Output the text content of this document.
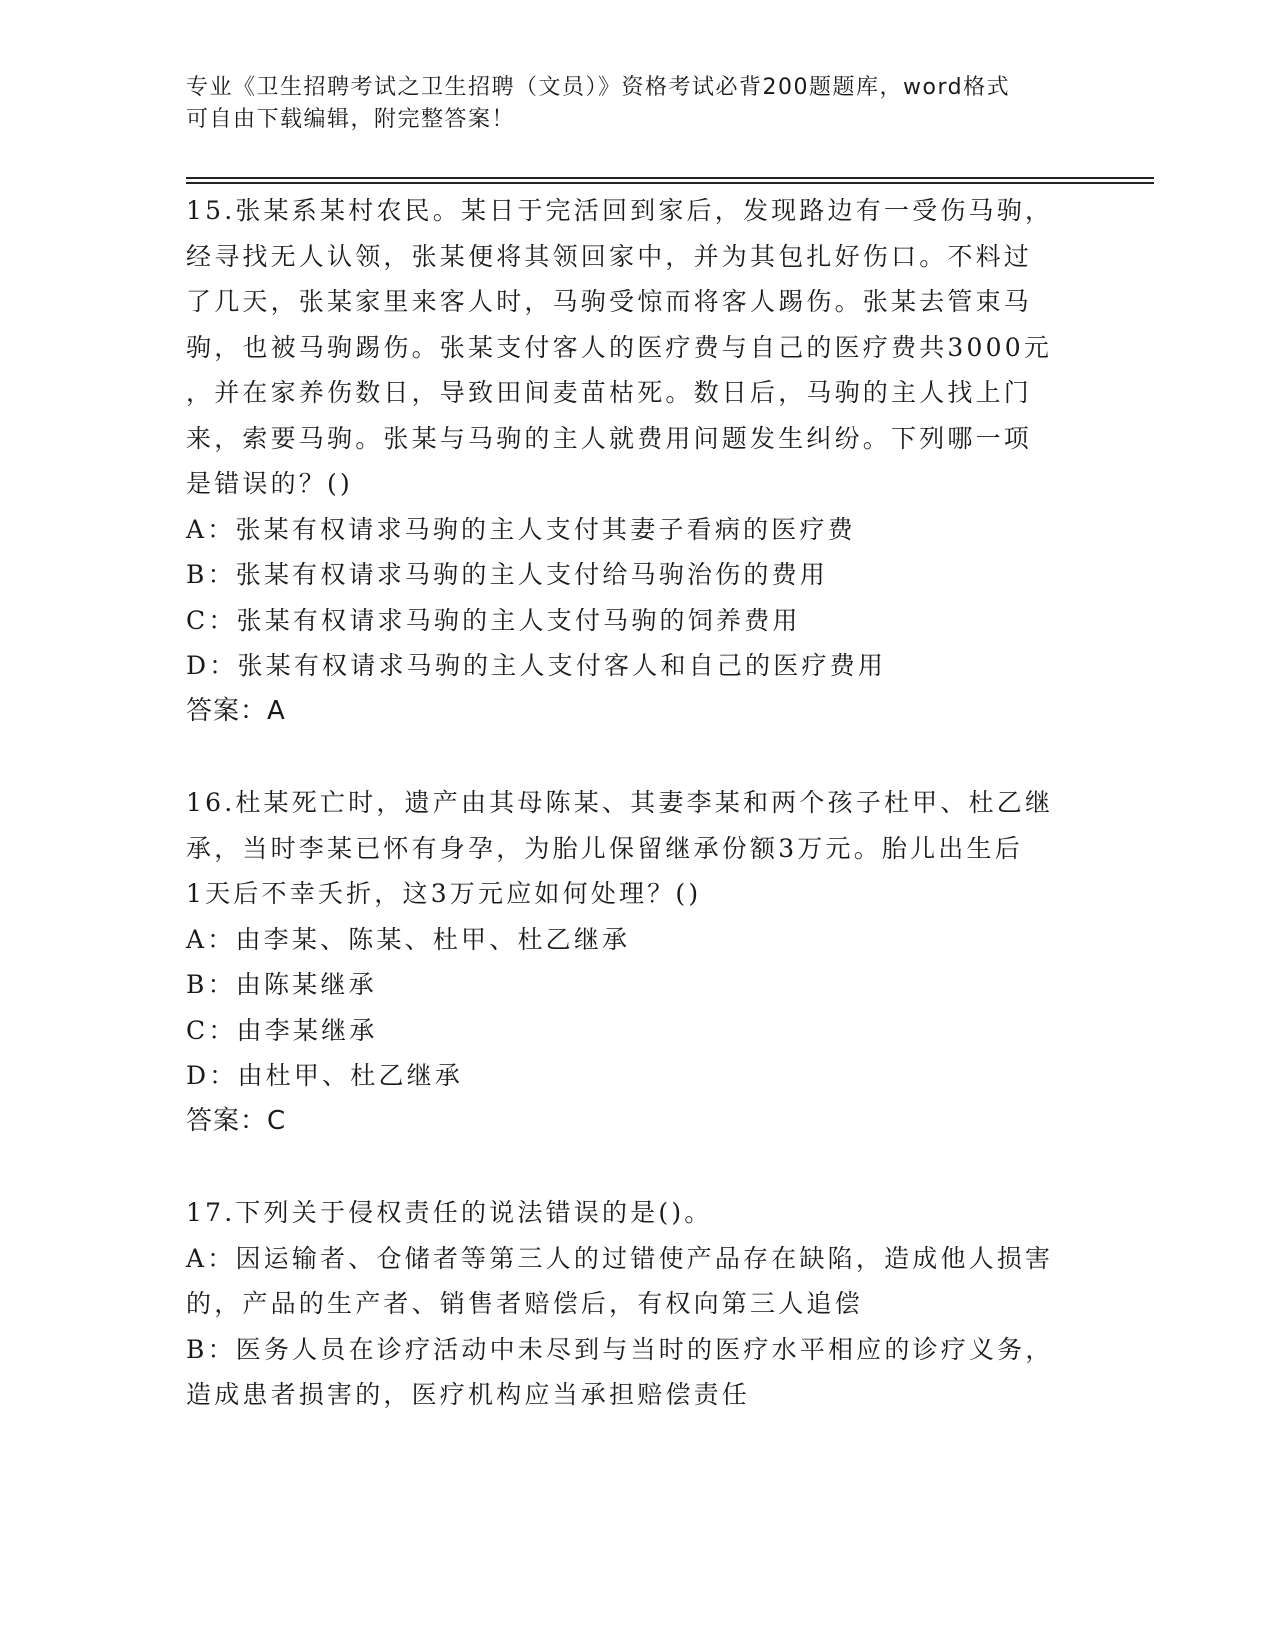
专业《卫生招聘考试之卫生招聘（文员）》资格考试必背200题题库，word格式
可自由下载编辑，附完整答案！
15.张某系某村农民。某日于完活回到家后，发现路边有一受伤马驹，
经寻找无人认领，张某便将其领回家中，并为其包扎好伤口。不料过
了几天，张某家里来客人时，马驹受惊而将客人踢伤。张某去管束马
驹，也被马驹踢伤。张某支付客人的医疗费与自己的医疗费共3000元
，并在家养伤数日，导致田间麦苗枯死。数日后，马驹的主人找上门
来，索要马驹。张某与马驹的主人就费用问题发生纠纷。下列哪一项
是错误的？()
A：张某有权请求马驹的主人支付其妻子看病的医疗费
B：张某有权请求马驹的主人支付给马驹治伤的费用
C：张某有权请求马驹的主人支付马驹的饲养费用
D：张某有权请求马驹的主人支付客人和自己的医疗费用
答案：A
16.杜某死亡时，遗产由其母陈某、其妻李某和两个孩子杜甲、杜乙继
承，当时李某已怀有身孕，为胎儿保留继承份额3万元。胎儿出生后
1天后不幸夭折，这3万元应如何处理？()
A：由李某、陈某、杜甲、杜乙继承
B：由陈某继承
C：由李某继承
D：由杜甲、杜乙继承
答案：C
17.下列关于侵权责任的说法错误的是()。
A：因运输者、仓储者等第三人的过错使产品存在缺陷，造成他人损害
的，产品的生产者、销售者赔偿后，有权向第三人追偿
B：医务人员在诊疗活动中未尽到与当时的医疗水平相应的诊疗义务，
造成患者损害的，医疗机构应当承担赔偿责任
